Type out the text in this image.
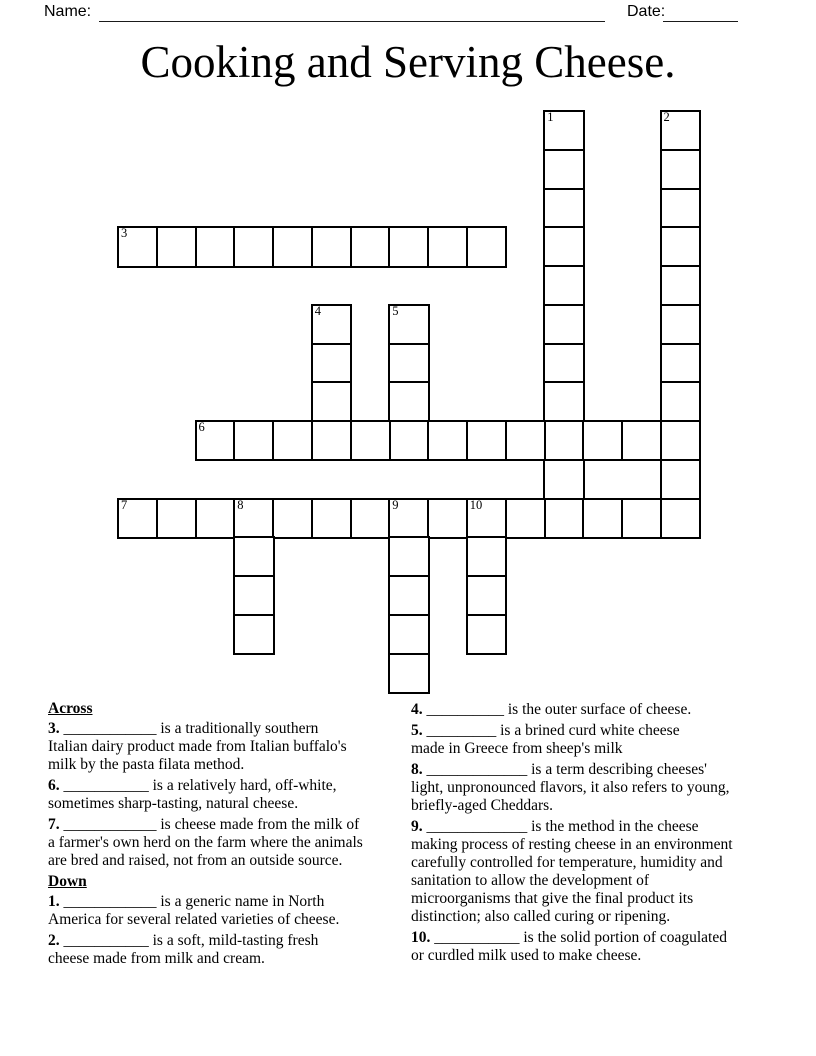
Name:	Date:
Cooking and Serving Cheese.
1	2
3
4	5
6
7	8	9	10
Across
3. ____________ is a traditionally southern
Italian dairy product made from Italian buffalo's
milk by the pasta filata method.
6. ___________ is a relatively hard, off-white,
sometimes sharp-tasting, natural cheese.
7. ____________ is cheese made from the milk of
a farmer's own herd on the farm where the animals
are bred and raised, not from an outside source.
Down
1. ____________ is a generic name in North
America for several related varieties of cheese.
2. ___________ is a soft, mild-tasting fresh
cheese made from milk and cream.
4. __________ is the outer surface of cheese.
5. _________ is a brined curd white cheese
made in Greece from sheep's milk
8. _____________ is a term describing cheeses'
light, unpronounced flavors, it also refers to young,
briefly-aged Cheddars.
9. _____________ is the method in the cheese
making process of resting cheese in an environment
carefully controlled for temperature, humidity and
sanitation to allow the development of
microorganisms that give the final product its
distinction; also called curing or ripening.
10. ___________ is the solid portion of coagulated
or curdled milk used to make cheese.
